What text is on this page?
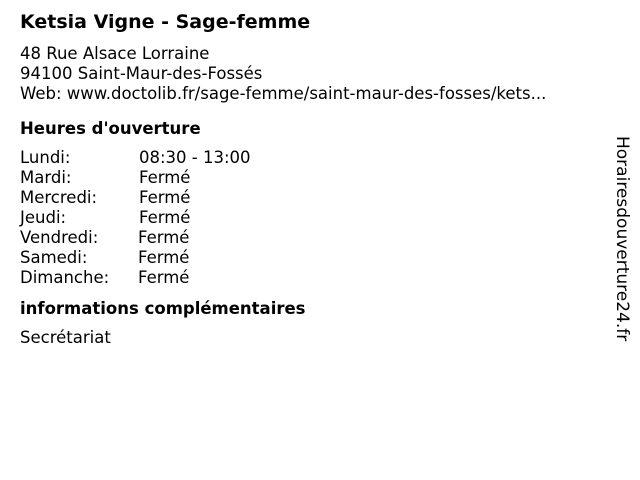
Ketsia Vigne - Sage-femme
48 Rue Alsace Lorraine
94100 Saint-Maur-des-Fossés
Web: www.doctolib.fr/sage-femme/saint-maur-des-fosses/kets...
Heures d'ouverture
Lundi:	08:30 - 13:00
Mardi:	Fermé
Mercredi:	Fermé
Jeudi:	Fermé
Vendredi:	Fermé
Samedi:	Fermé
Dimanche:	Fermé
informations complémentaires
Secrétariat	Horairesdouverture24.fr
